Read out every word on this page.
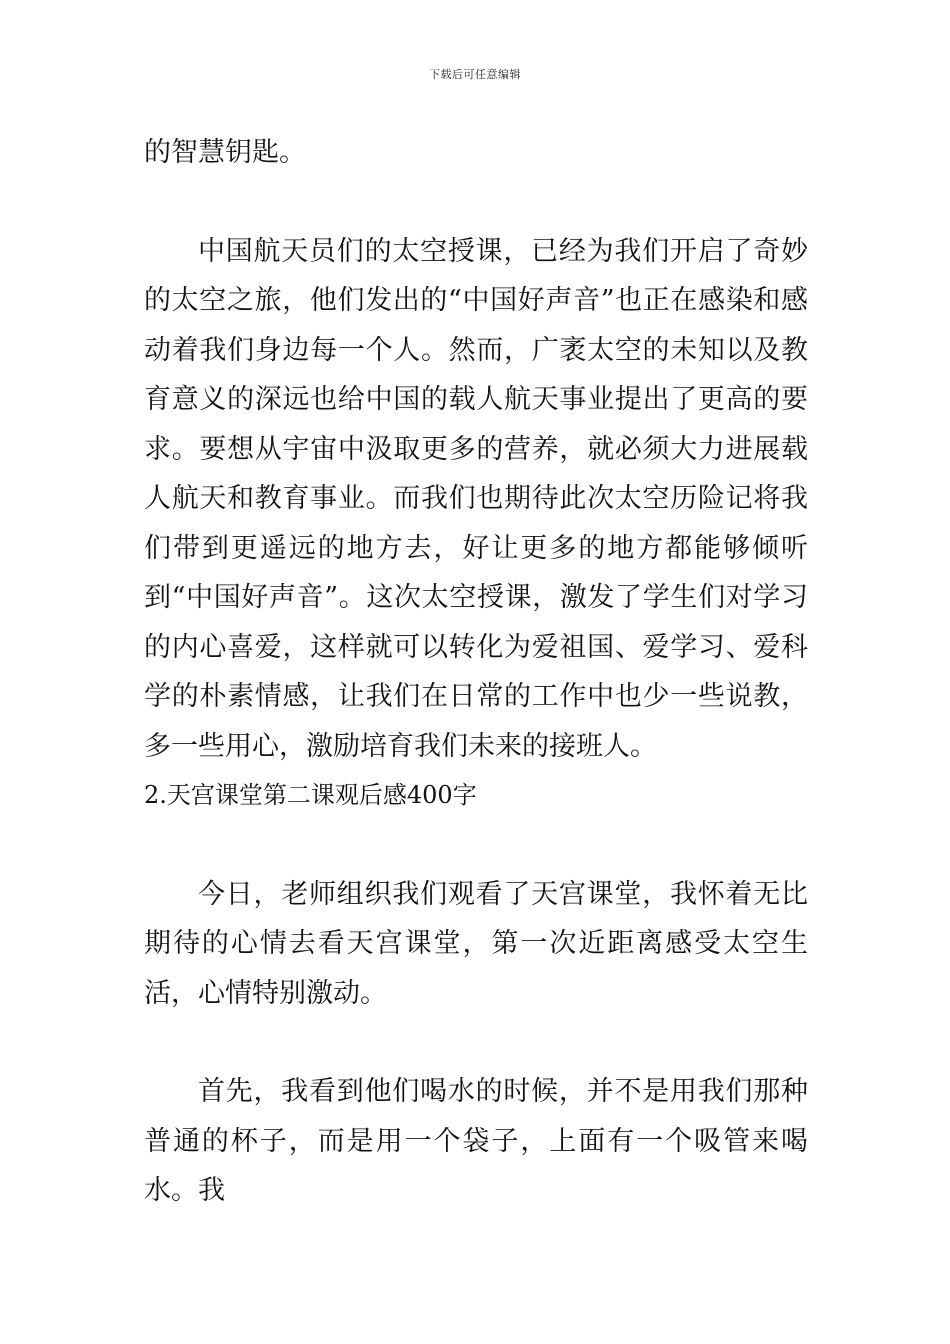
下载后可任意编辑

的智慧钥匙。

中国航天员们的太空授课，已经为我们开启了奇妙的太空之旅，他们发出的“中国好声音”也正在感染和感动着我们身边每一个人。然而，广袤太空的未知以及教育意义的深远也给中国的载人航天事业提出了更高的要求。要想从宇宙中汲取更多的营养，就必须大力进展载人航天和教育事业。而我们也期待此次太空历险记将我们带到更遥远的地方去，好让更多的地方都能够倾听到“中国好声音”。这次太空授课，激发了学生们对学习的内心喜爱，这样就可以转化为爱祖国、爱学习、爱科学的朴素情感，让我们在日常的工作中也少一些说教，多一些用心，激励培育我们未来的接班人。

2.天宫课堂第二课观后感400字

今日，老师组织我们观看了天宫课堂，我怀着无比期待的心情去看天宫课堂，第一次近距离感受太空生活，心情特别激动。

首先，我看到他们喝水的时候，并不是用我们那种普通的杯子，而是用一个袋子，上面有一个吸管来喝水。我
